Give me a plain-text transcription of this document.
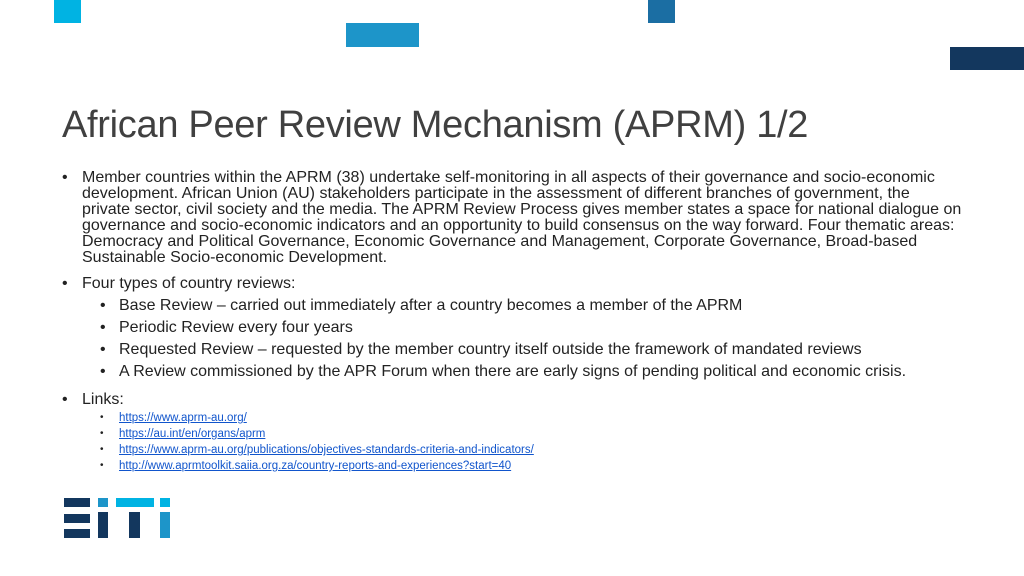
African Peer Review Mechanism (APRM) 1/2
• Member countries within the APRM (38) undertake self-monitoring in all aspects of their governance and socio-economic development. African Union (AU) stakeholders participate in the assessment of different branches of government, the private sector, civil society and the media. The APRM Review Process gives member states a space for national dialogue on governance and socio-economic indicators and an opportunity to build consensus on the way forward. Four thematic areas: Democracy and Political Governance, Economic Governance and Management, Corporate Governance, Broad-based Sustainable Socio-economic Development.
• Four types of country reviews:
• Base Review – carried out immediately after a country becomes a member of the APRM
• Periodic Review every four years
• Requested Review – requested by the member country itself outside the framework of mandated reviews
• A Review commissioned by the APR Forum when there are early signs of pending political and economic crisis.
• Links:
• https://www.aprm-au.org/
• https://au.int/en/organs/aprm
• https://www.aprm-au.org/publications/objectives-standards-criteria-and-indicators/
• http://www.aprmtoolkit.saiia.org.za/country-reports-and-experiences?start=40
